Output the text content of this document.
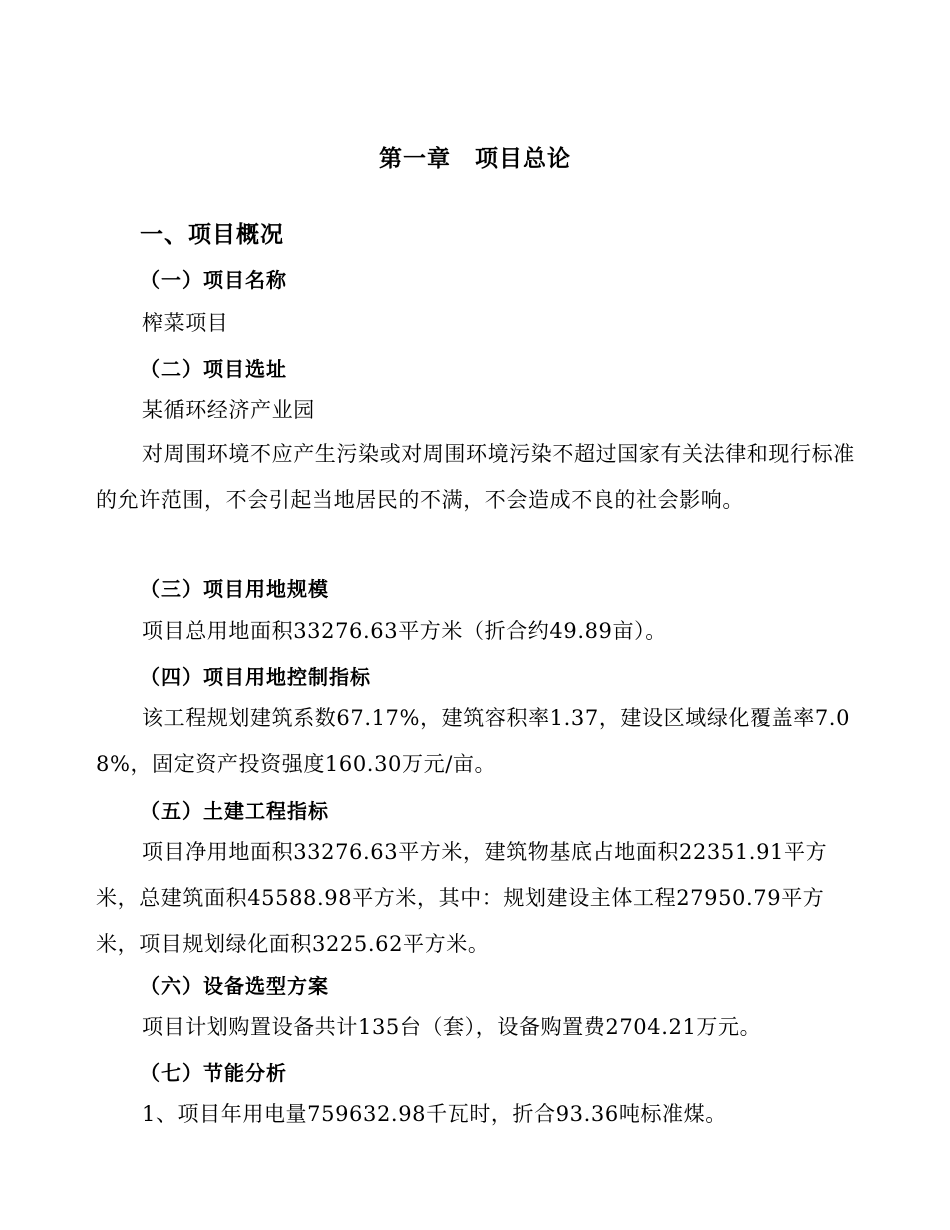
第一章　项目总论
一、项目概况
（一）项目名称
榨菜项目
（二）项目选址
某循环经济产业园
对周围环境不应产生污染或对周围环境污染不超过国家有关法律和现行标准的允许范围，不会引起当地居民的不满，不会造成不良的社会影响。
（三）项目用地规模
项目总用地面积33276.63平方米（折合约49.89亩）。
（四）项目用地控制指标
该工程规划建筑系数67.17%，建筑容积率1.37，建设区域绿化覆盖率7.08%，固定资产投资强度160.30万元/亩。
（五）土建工程指标
项目净用地面积33276.63平方米，建筑物基底占地面积22351.91平方米，总建筑面积45588.98平方米，其中：规划建设主体工程27950.79平方米，项目规划绿化面积3225.62平方米。
（六）设备选型方案
项目计划购置设备共计135台（套），设备购置费2704.21万元。
（七）节能分析
1、项目年用电量759632.98千瓦时，折合93.36吨标准煤。
